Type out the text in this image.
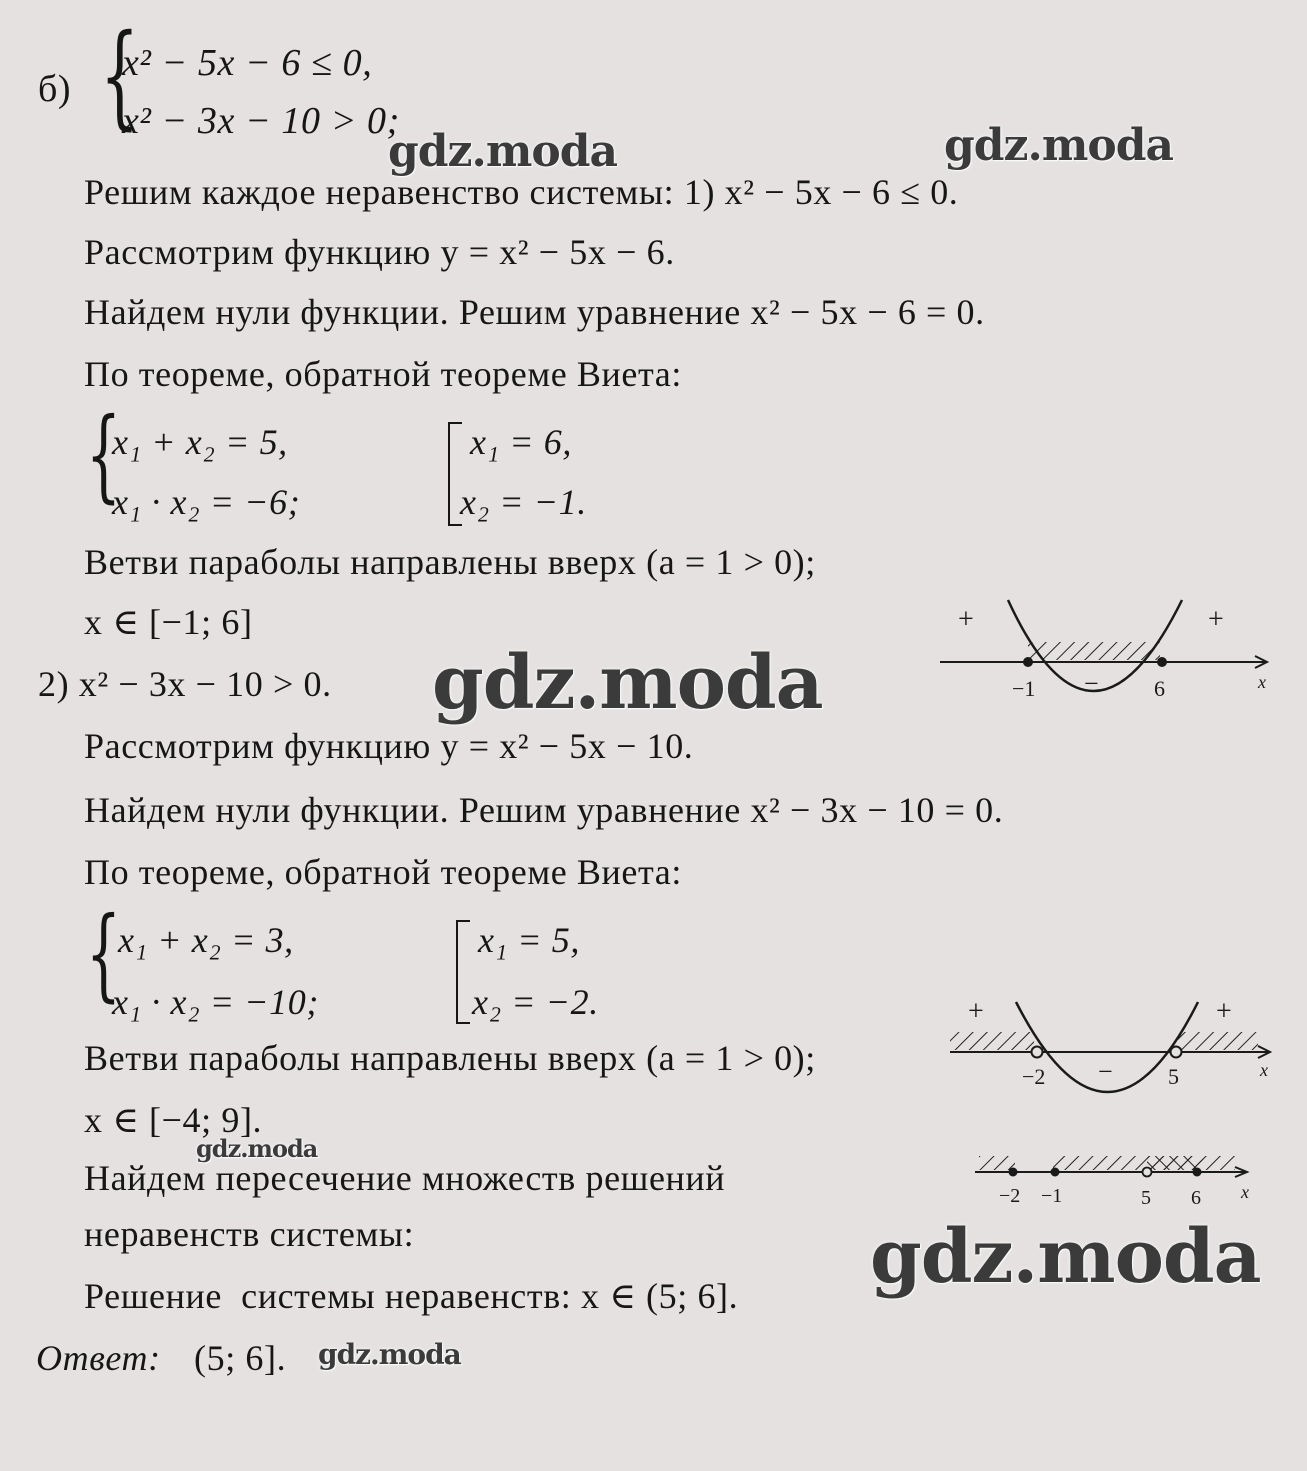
б) {
x² − 5x − 6 ≤ 0,
x² − 3x − 10 > 0;
gdz.moda	gdz.moda
Решим каждое неравенство системы: 1) x² − 5x − 6 ≤ 0.
Рассмотрим функцию y = x² − 5x − 6.
Найдем нули функции. Решим уравнение x² − 5x − 6 = 0.
По теореме, обратной теореме Виета:
{
x₁ + x₂ = 5,
x₁ · x₂ = −6;
x₁ = 6,
x₂ = −1.
Ветви параболы направлены вверх (a = 1 > 0);
x ∈ [−1; 6]	+
−
+
−1	6	x
2) x² − 3x − 10 > 0. gdz.moda
Рассмотрим функцию y = x² − 5x − 10.
Найдем нули функции. Решим уравнение x² − 3x − 10 = 0.
По теореме, обратной теореме Виета:
{
x₁ + x₂ = 3,
x₁ · x₂ = −10;
x₁ = 5,
x₂ = −2.
Ветви параболы направлены вверх (a = 1 > 0);
x ∈ [−4; 9].
gdz.moda
+
−
+
−2	5	x
Найдем пересечение множеств решений
неравенств системы:
−2 −1	5 6 x
gdz.moda
Решение  системы неравенств: x ∈ (5; 6].
Ответ: (5; 6]. gdz.moda
